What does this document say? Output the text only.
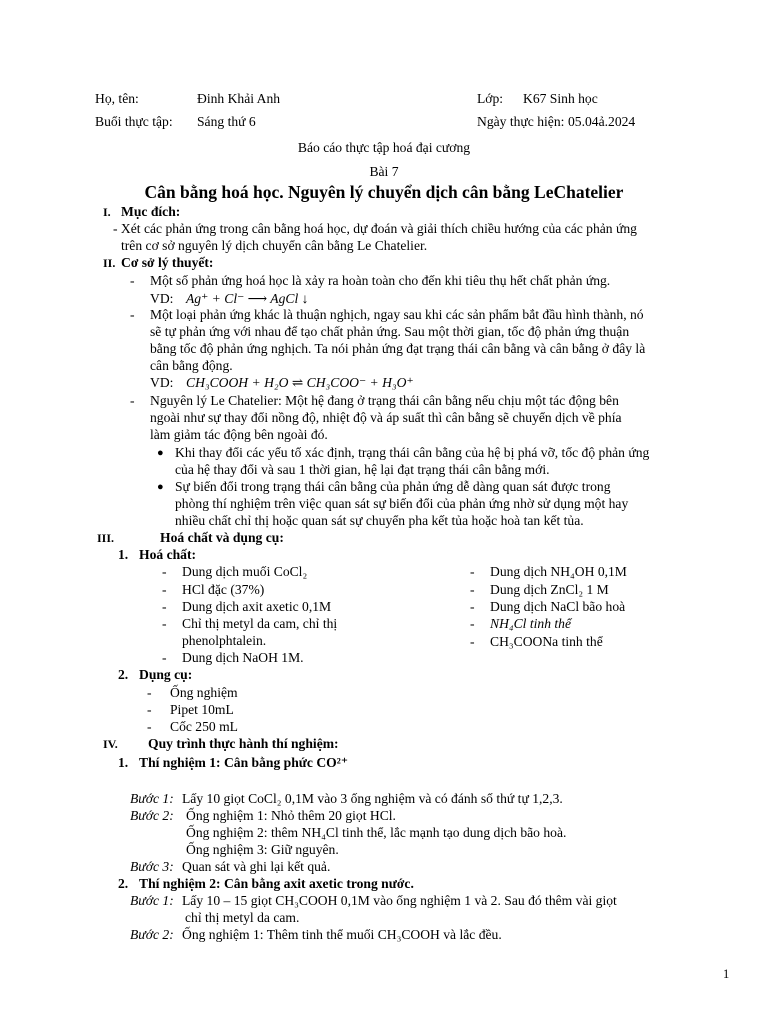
Họ, tên:	Đinh Khải Anh	Lớp: K67 Sinh học
Buổi thực tập: Sáng thứ 6	Ngày thực hiện: 05.04ả.2024
Báo cáo thực tập hoá đại cương
Bài 7
Cân bằng hoá học. Nguyên lý chuyển dịch cân bằng LeChatelier
I. Mục đích:
- Xét các phản ứng trong cân bằng hoá học, dự đoán và giải thích chiều hướng của các phản ứng
trên cơ sở nguyên lý dịch chuyển cân bằng Le Chatelier.
II. Cơ sở lý thuyết:
- Một số phản ứng hoá học là xảy ra hoàn toàn cho đến khi tiêu thụ hết chất phản ứng.
VD: Ag⁺ + Cl⁻ ⟶ AgCl ↓
- Một loại phản ứng khác là thuận nghịch, ngay sau khi các sản phẩm bắt đầu hình thành, nó
sẽ tự phản ứng với nhau để tạo chất phản ứng. Sau một thời gian, tốc độ phản ứng thuận
bằng tốc độ phản ứng nghịch. Ta nói phản ứng đạt trạng thái cân bằng và cân bằng ở đây là
cân bằng động.
VD: CH₃COOH + H₂O ⇌ CH₃COO⁻ + H₃O⁺
- Nguyên lý Le Chatelier: Một hệ đang ở trạng thái cân bằng nếu chịu một tác động bên
ngoài như sự thay đổi nồng độ, nhiệt độ và áp suất thì cân bằng sẽ chuyển dịch về phía
làm giảm tác động bên ngoài đó.
● Khi thay đổi các yếu tố xác định, trạng thái cân bằng của hệ bị phá vỡ, tốc độ phản ứng
của hệ thay đổi và sau 1 thời gian, hệ lại đạt trạng thái cân bằng mới.
● Sự biến đổi trong trạng thái cân bằng của phản ứng dễ dàng quan sát được trong
phòng thí nghiệm trên việc quan sát sự biến đổi của phản ứng nhờ sử dụng một hay
nhiều chất chỉ thị hoặc quan sát sự chuyển pha kết tủa hoặc hoà tan kết tủa.
III.	Hoá chất và dụng cụ:
1. Hoá chất:
- Dung dịch muối CoCl₂
- HCl đặc (37%)
- Dung dịch axit axetic 0,1M
- Chỉ thị metyl da cam, chỉ thị
phenolphtalein.
- Dung dịch NaOH 1M.
- Dung dịch NH₄OH 0,1M
- Dung dịch ZnCl₂ 1 M
- Dung dịch NaCl bão hoà
- NH₄Cl tinh thể
- CH₃COONa tinh thể
2. Dụng cụ:
- Ống nghiệm
- Pipet 10mL
- Cốc 250 mL
IV. Quy trình thực hành thí nghiệm:
1. Thí nghiệm 1: Cân bằng phức CO²⁺
Bước 1: Lấy 10 giọt CoCl₂ 0,1M vào 3 ống nghiệm và có đánh số thứ tự 1,2,3.
Bước 2: Ống nghiệm 1: Nhỏ thêm 20 giọt HCl.
Ống nghiệm 2: thêm NH₄Cl tinh thể, lắc mạnh tạo dung dịch bão hoà.
Ống nghiệm 3: Giữ nguyên.
Bước 3: Quan sát và ghi lại kết quả.
2. Thí nghiệm 2: Cân bằng axit axetic trong nước.
Bước 1: Lấy 10 – 15 giọt CH₃COOH 0,1M vào ống nghiệm 1 và 2. Sau đó thêm vài giọt
chỉ thị metyl da cam.
Bước 2: Ống nghiệm 1: Thêm tinh thể muối CH₃COOH và lắc đều.
1
